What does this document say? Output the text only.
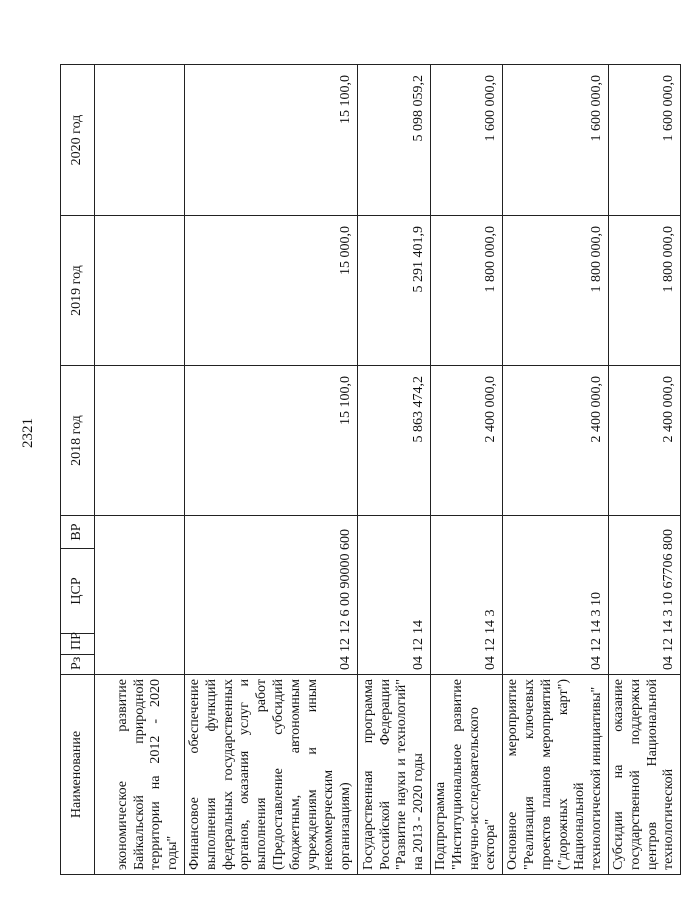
2321
Наименование	Рз	ПР	ЦСР	ВР	2018 год	2019 год	2020 год
экономическое развитие Байкальской природной территории на 2012 - 2020 годы"							
Финансовое обеспечение выполнения функций федеральных государственных органов, оказания услуг и выполнения работ (Предоставление субсидий бюджетным, автономным учреждениям и иным некоммерческим организациям)	041212 6 00 90000600				15 100,0	15 000,0	15 100,0
Государственная программа Российской Федерации "Развитие науки и технологий" на 2013 - 2020 годы	041214				5 863 474,2	5 291 401,9	5 098 059,2
Подпрограмма "Институциональное развитие научно-исследовательского сектора"	041214 3				2 400 000,0	1 800 000,0	1 600 000,0
Основное мероприятие "Реализация ключевых проектов планов мероприятий ("дорожных карт") Национальной технологической инициативы"	041214 3 10				2 400 000,0	1 800 000,0	1 600 000,0
Субсидии на оказание государственной поддержки центров Национальной технологической	041214 3 10 67706800				2 400 000,0	1 800 000,0	1 600 000,0
